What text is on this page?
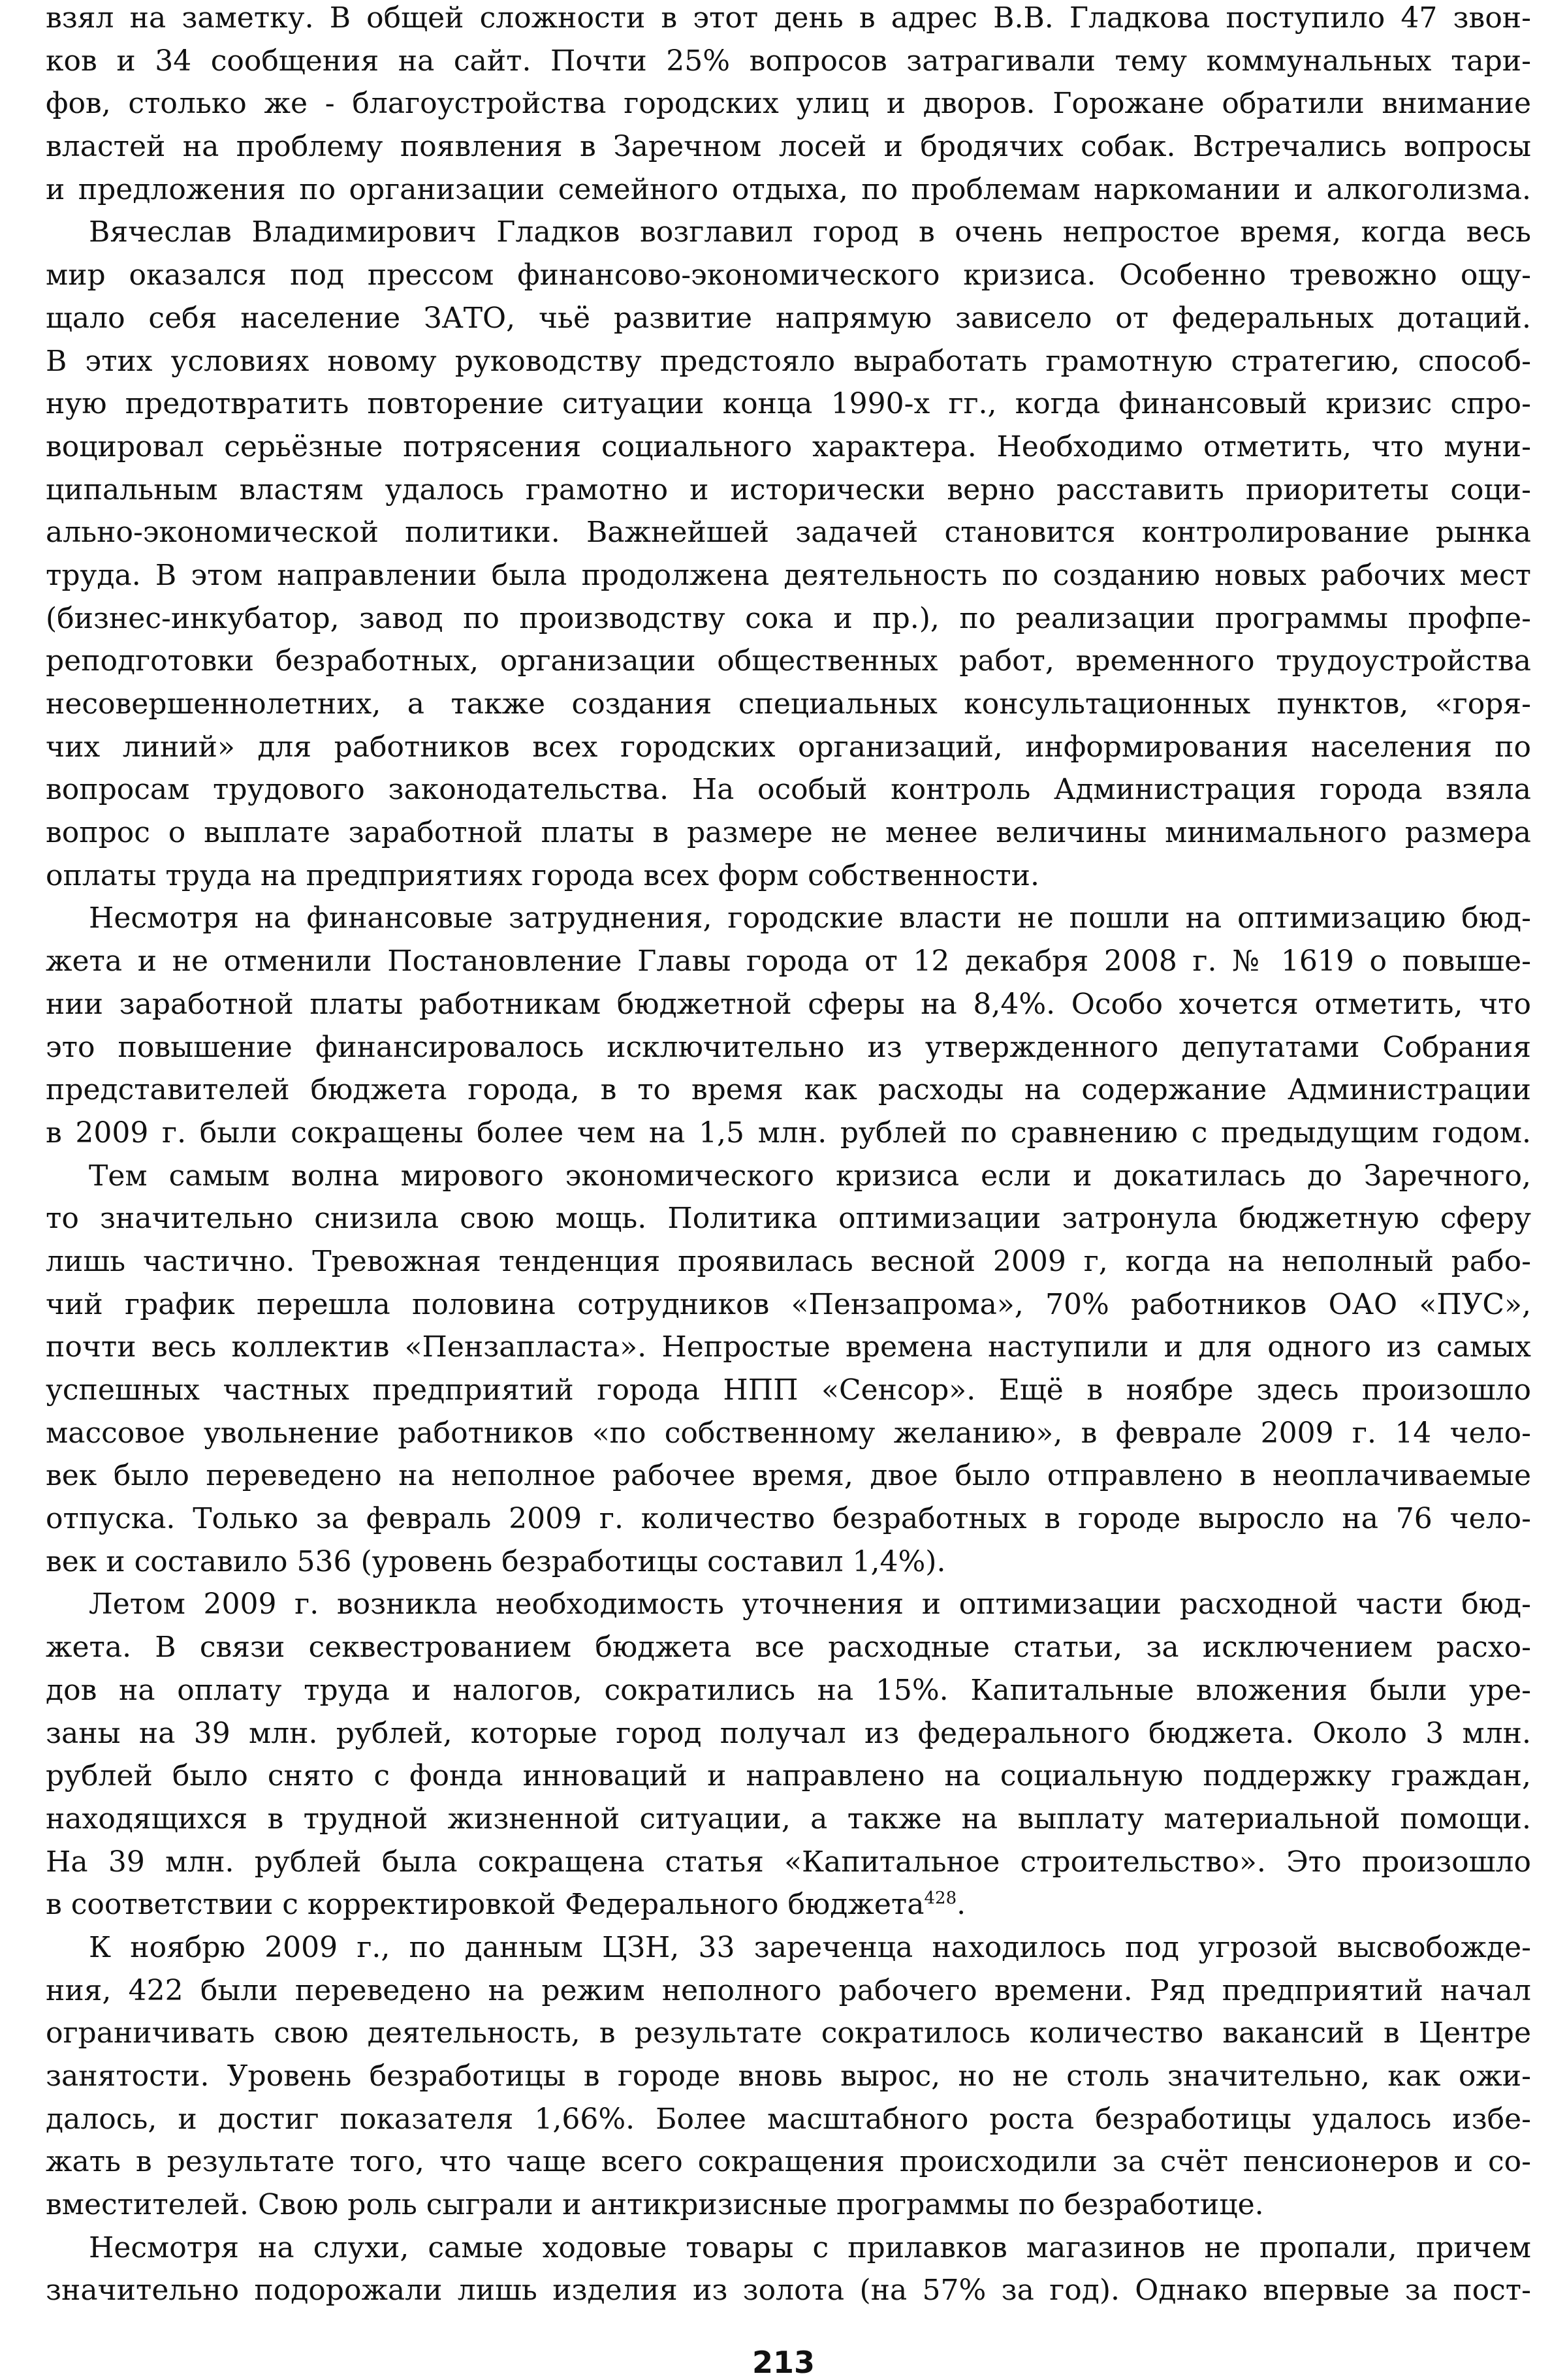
взял на заметку. В общей сложности в этот день в адрес В.В. Гладкова поступило 47 звон-
ков и 34 сообщения на сайт. Почти 25% вопросов затрагивали тему коммунальных тари-
фов, столько же - благоустройства городских улиц и дворов. Горожане обратили внимание
властей на проблему появления в Заречном лосей и бродячих собак. Встречались вопросы
и предложения по организации семейного отдыха, по проблемам наркомании и алкоголизма.
Вячеслав Владимирович Гладков возглавил город в очень непростое время, когда весь
мир оказался под прессом финансово-экономического кризиса. Особенно тревожно ощу-
щало себя население ЗАТО, чьё развитие напрямую зависело от федеральных дотаций.
В этих условиях новому руководству предстояло выработать грамотную стратегию, способ-
ную предотвратить повторение ситуации конца 1990-х гг., когда финансовый кризис спро-
воцировал серьёзные потрясения социального характера. Необходимо отметить, что муни-
ципальным властям удалось грамотно и исторически верно расставить приоритеты соци-
ально-экономической политики. Важнейшей задачей становится контролирование рынка
труда. В этом направлении была продолжена деятельность по созданию новых рабочих мест
(бизнес-инкубатор, завод по производству сока и пр.), по реализации программы профпе-
реподготовки безработных, организации общественных работ, временного трудоустройства
несовершеннолетних, а также создания специальных консультационных пунктов, «горя-
чих линий» для работников всех городских организаций, информирования населения по
вопросам трудового законодательства. На особый контроль Администрация города взяла
вопрос о выплате заработной платы в размере не менее величины минимального размера
оплаты труда на предприятиях города всех форм собственности.
Несмотря на финансовые затруднения, городские власти не пошли на оптимизацию бюд-
жета и не отменили Постановление Главы города от 12 декабря 2008 г. № 1619 о повыше-
нии заработной платы работникам бюджетной сферы на 8,4%. Особо хочется отметить, что
это повышение финансировалось исключительно из утвержденного депутатами Собрания
представителей бюджета города, в то время как расходы на содержание Администрации
в 2009 г. были сокращены более чем на 1,5 млн. рублей по сравнению с предыдущим годом.
Тем самым волна мирового экономического кризиса если и докатилась до Заречного,
то значительно снизила свою мощь. Политика оптимизации затронула бюджетную сферу
лишь частично. Тревожная тенденция проявилась весной 2009 г, когда на неполный рабо-
чий график перешла половина сотрудников «Пензапрома», 70% работников ОАО «ПУС»,
почти весь коллектив «Пензапласта». Непростые времена наступили и для одного из самых
успешных частных предприятий города НПП «Сенсор». Ещё в ноябре здесь произошло
массовое увольнение работников «по собственному желанию», в феврале 2009 г. 14 чело-
век было переведено на неполное рабочее время, двое было отправлено в неоплачиваемые
отпуска. Только за февраль 2009 г. количество безработных в городе выросло на 76 чело-
век и составило 536 (уровень безработицы составил 1,4%).
Летом 2009 г. возникла необходимость уточнения и оптимизации расходной части бюд-
жета. В связи секвестрованием бюджета все расходные статьи, за исключением расхо-
дов на оплату труда и налогов, сократились на 15%. Капитальные вложения были уре-
заны на 39 млн. рублей, которые город получал из федерального бюджета. Около 3 млн.
рублей было снято с фонда инноваций и направлено на социальную поддержку граждан,
находящихся в трудной жизненной ситуации, а также на выплату материальной помощи.
На 39 млн. рублей была сокращена статья «Капитальное строительство». Это произошло
в соответствии с корректировкой Федерального бюджета$^{428}$.
К ноябрю 2009 г., по данным ЦЗН, 33 зареченца находилось под угрозой высвобожде-
ния, 422 были переведено на режим неполного рабочего времени. Ряд предприятий начал
ограничивать свою деятельность, в результате сократилось количество вакансий в Центре
занятости. Уровень безработицы в городе вновь вырос, но не столь значительно, как ожи-
далось, и достиг показателя 1,66%. Более масштабного роста безработицы удалось избе-
жать в результате того, что чаще всего сокращения происходили за счёт пенсионеров и со-
вместителей. Свою роль сыграли и антикризисные программы по безработице.
Несмотря на слухи, самые ходовые товары с прилавков магазинов не пропали, причем
значительно подорожали лишь изделия из золота (на 57% за год). Однако впервые за пост-
213
